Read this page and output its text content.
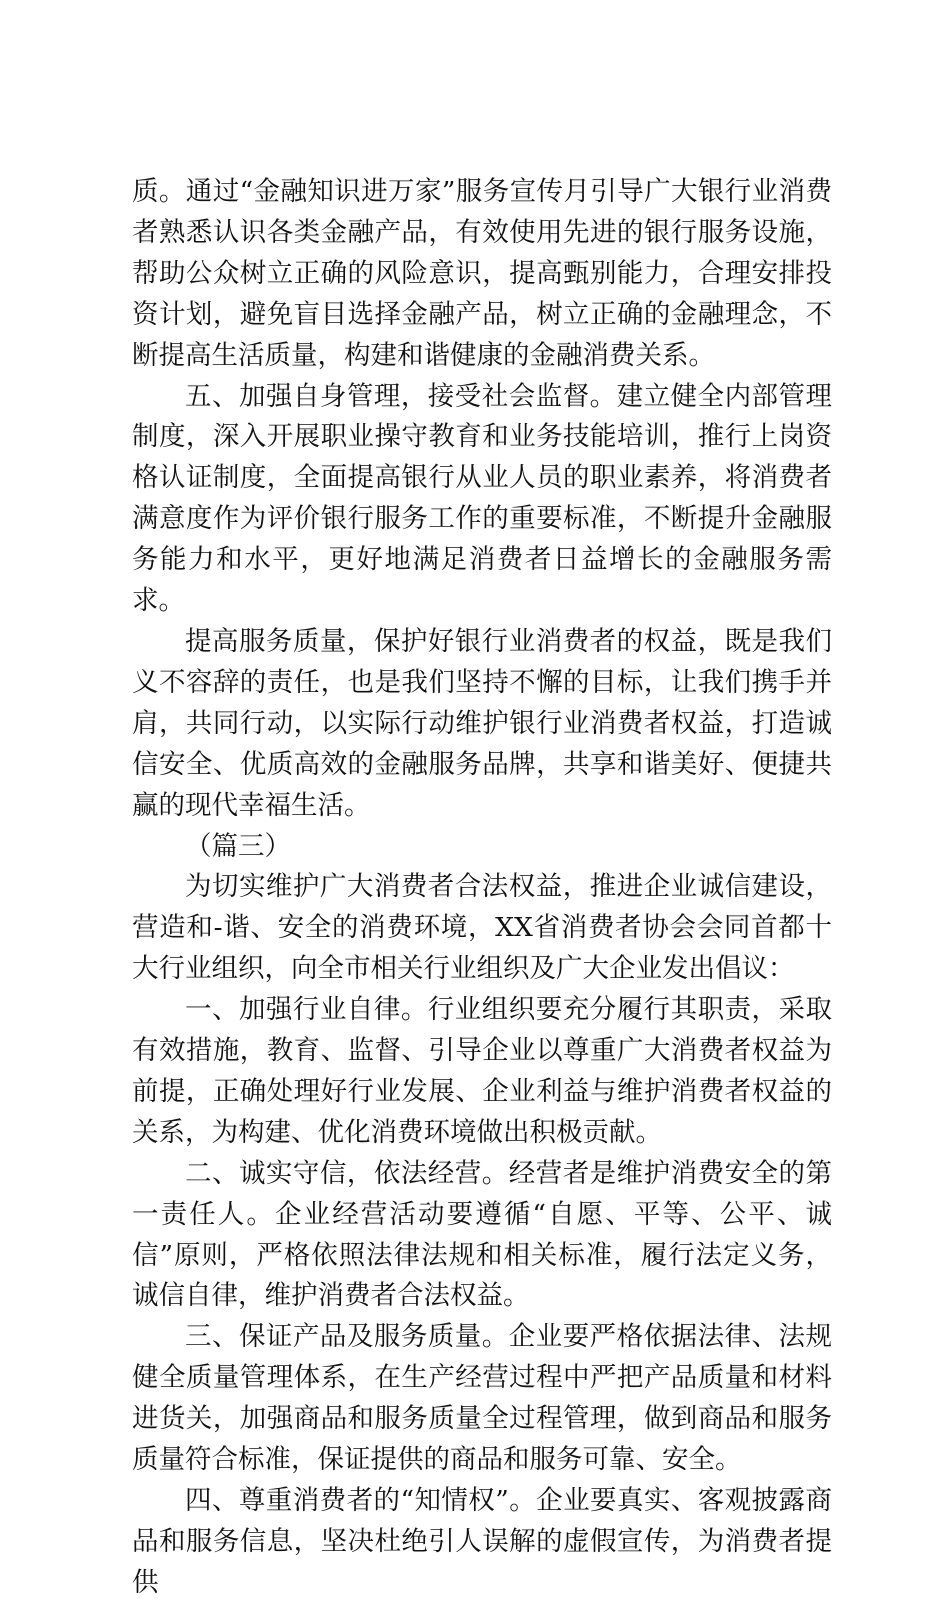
质。通过“金融知识进万家”服务宣传月引导广大银行业消费者熟悉认识各类金融产品，有效使用先进的银行服务设施，帮助公众树立正确的风险意识，提高甄别能力，合理安排投资计划，避免盲目选择金融产品，树立正确的金融理念，不断提高生活质量，构建和谐健康的金融消费关系。

五、加强自身管理，接受社会监督。建立健全内部管理制度，深入开展职业操守教育和业务技能培训，推行上岗资格认证制度，全面提高银行从业人员的职业素养，将消费者满意度作为评价银行服务工作的重要标准，不断提升金融服务能力和水平，更好地满足消费者日益增长的金融服务需求。

提高服务质量，保护好银行业消费者的权益，既是我们义不容辞的责任，也是我们坚持不懈的目标，让我们携手并肩，共同行动，以实际行动维护银行业消费者权益，打造诚信安全、优质高效的金融服务品牌，共享和谐美好、便捷共赢的现代幸福生活。

（篇三）

为切实维护广大消费者合法权益，推进企业诚信建设，营造和-谐、安全的消费环境，XX省消费者协会会同首都十大行业组织，向全市相关行业组织及广大企业发出倡议：

一、加强行业自律。行业组织要充分履行其职责，采取有效措施，教育、监督、引导企业以尊重广大消费者权益为前提，正确处理好行业发展、企业利益与维护消费者权益的关系，为构建、优化消费环境做出积极贡献。

二、诚实守信，依法经营。经营者是维护消费安全的第一责任人。企业经营活动要遵循“自愿、平等、公平、诚信”原则，严格依照法律法规和相关标准，履行法定义务，诚信自律，维护消费者合法权益。

三、保证产品及服务质量。企业要严格依据法律、法规健全质量管理体系，在生产经营过程中严把产品质量和材料进货关，加强商品和服务质量全过程管理，做到商品和服务质量符合标准，保证提供的商品和服务可靠、安全。

四、尊重消费者的“知情权”。企业要真实、客观披露商品和服务信息，坚决杜绝引人误解的虚假宣传，为消费者提供
